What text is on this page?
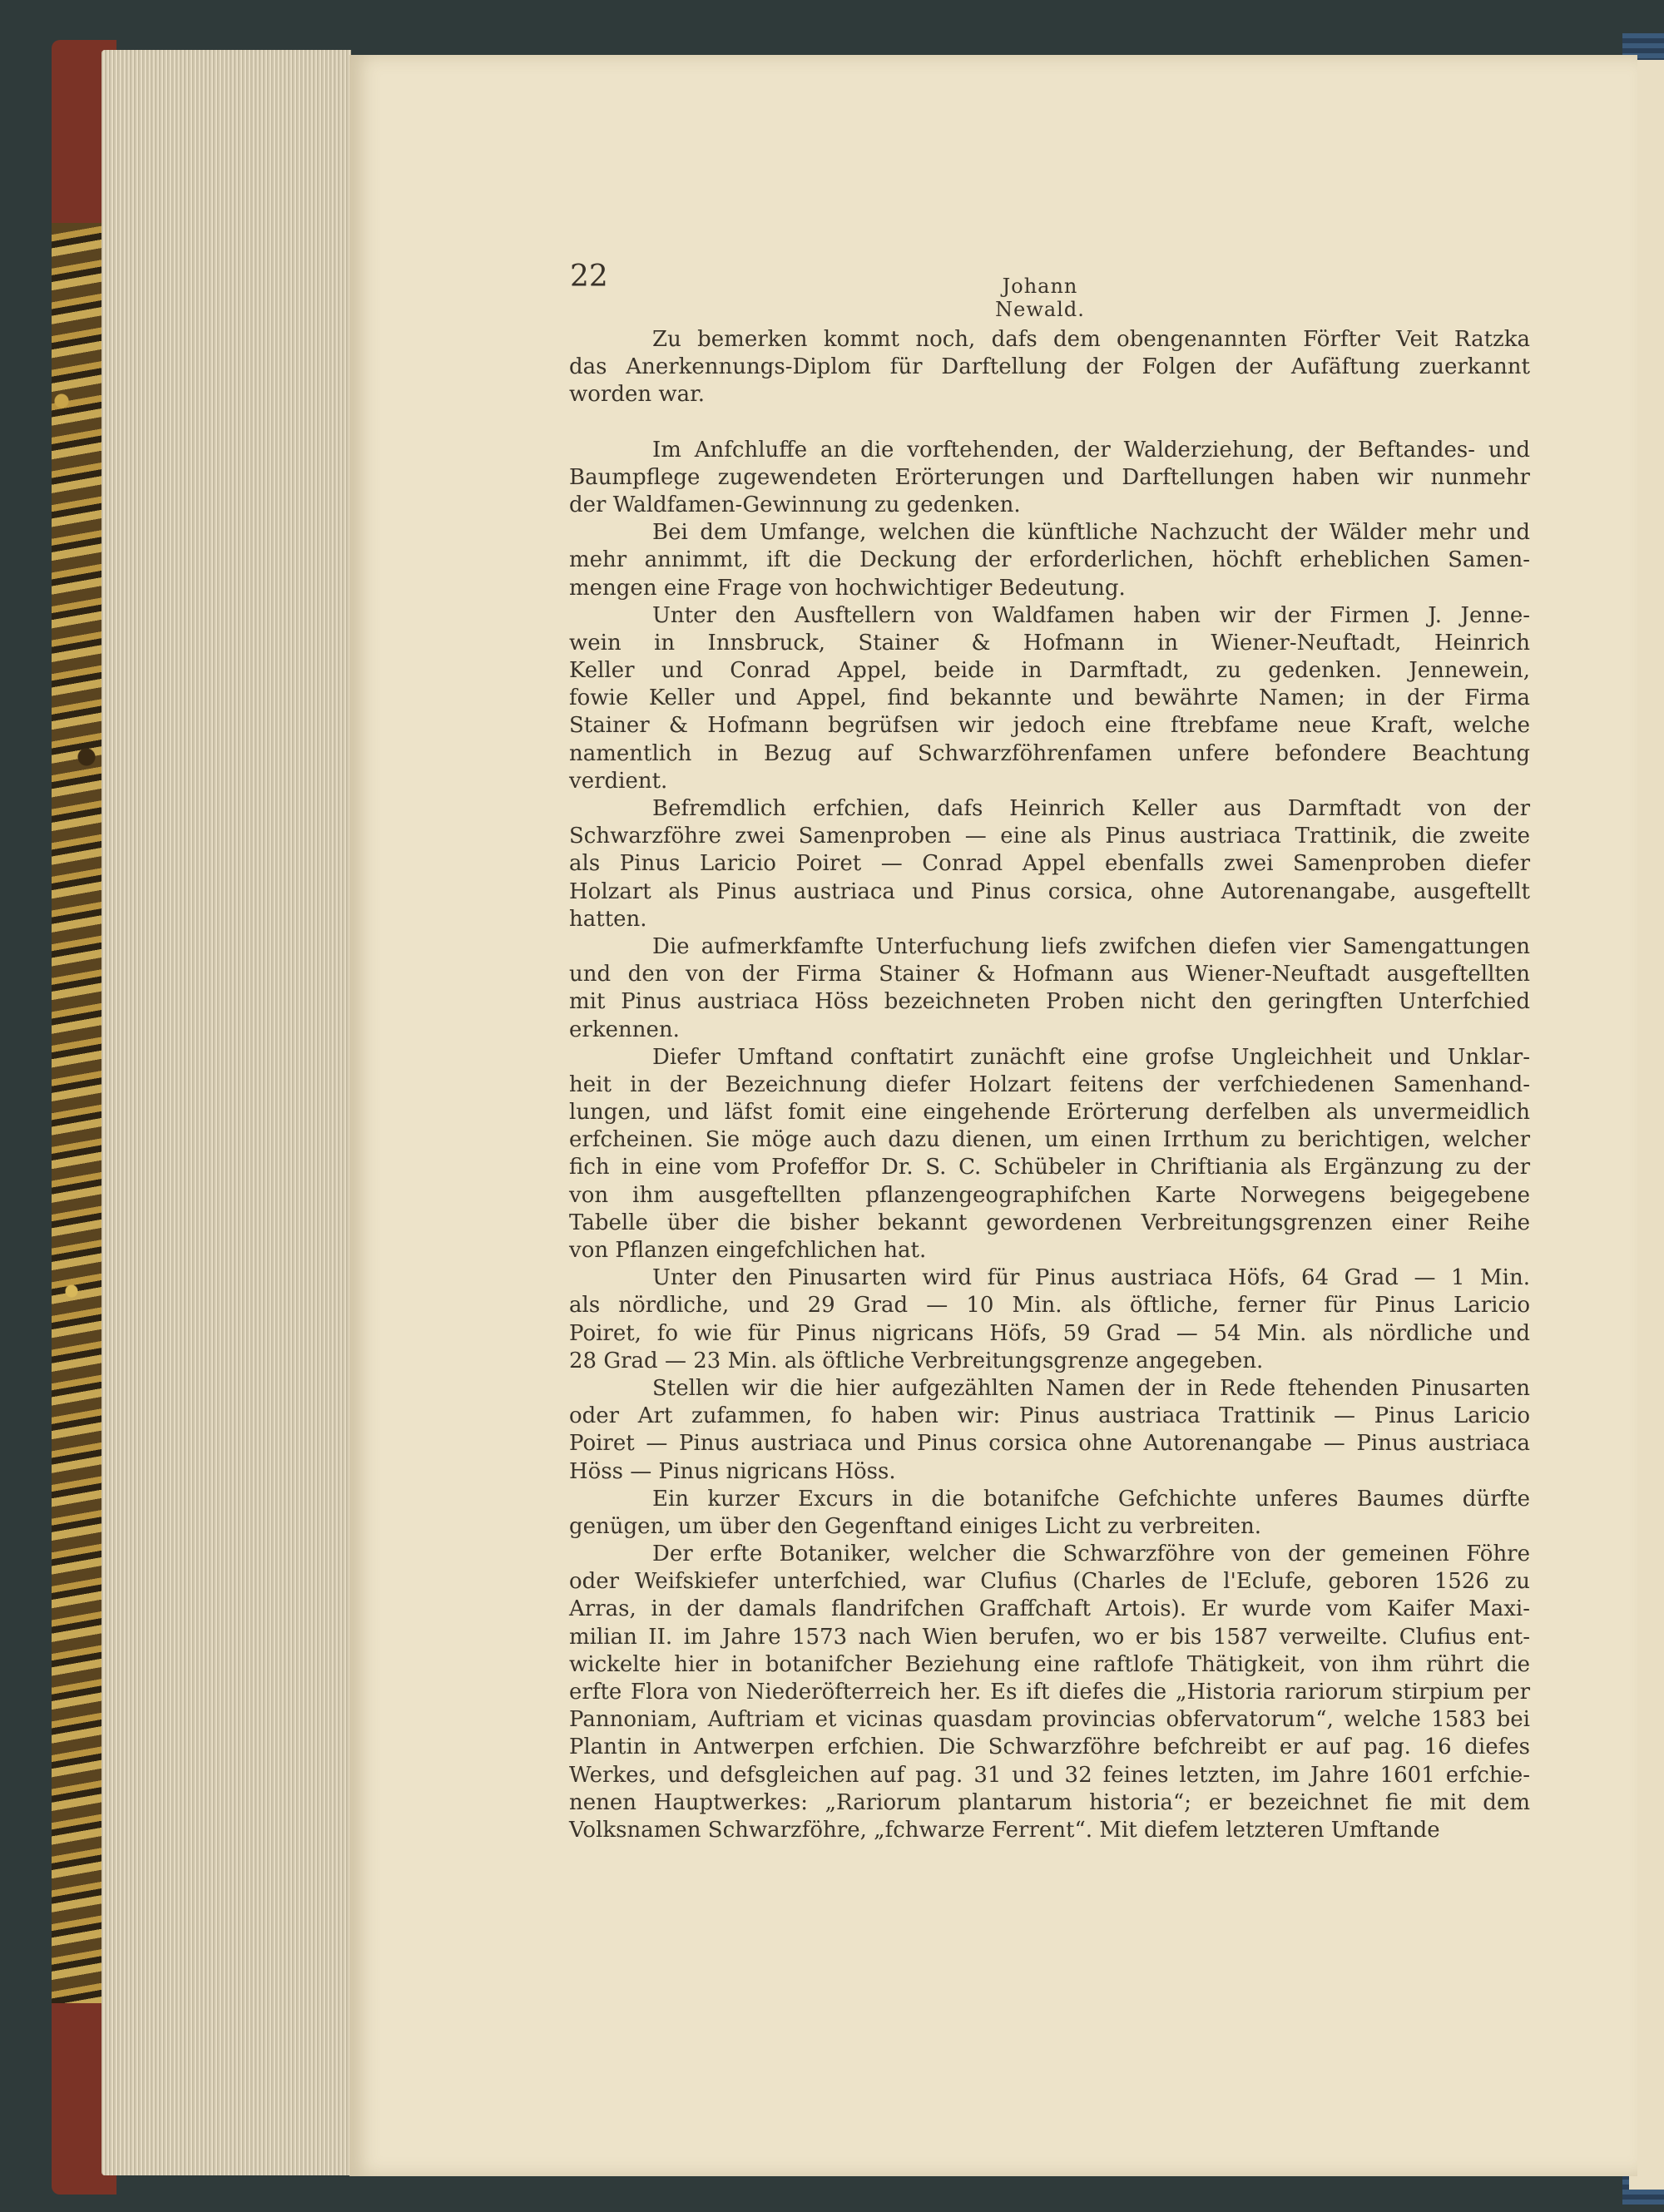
22	Johann Newald.
Zu bemerken kommt noch, dafs dem obengenannten Förfter Veit Ratzka
das Anerkennungs-Diplom für Darftellung der Folgen der Aufäftung zuerkannt
worden war.
Im Anfchluffe an die vorftehenden, der Walderziehung, der Beftandes- und
Baumpflege zugewendeten Erörterungen und Darftellungen haben wir nunmehr
der Waldfamen-Gewinnung zu gedenken.
Bei dem Umfange, welchen die künftliche Nachzucht der Wälder mehr und
mehr annimmt, ift die Deckung der erforderlichen, höchft erheblichen Samen-
mengen eine Frage von hochwichtiger Bedeutung.
Unter den Ausftellern von Waldfamen haben wir der Firmen J. Jenne-
wein in Innsbruck, Stainer & Hofmann in Wiener-Neuftadt, Heinrich
Keller und Conrad Appel, beide in Darmftadt, zu gedenken. Jennewein,
fowie Keller und Appel, find bekannte und bewährte Namen; in der Firma
Stainer & Hofmann begrüfsen wir jedoch eine ftrebfame neue Kraft, welche
namentlich in Bezug auf Schwarzföhrenfamen unfere befondere Beachtung
verdient.
Befremdlich erfchien, dafs Heinrich Keller aus Darmftadt von der
Schwarzföhre zwei Samenproben — eine als Pinus austriaca Trattinik, die zweite
als Pinus Laricio Poiret — Conrad Appel ebenfalls zwei Samenproben diefer
Holzart als Pinus austriaca und Pinus corsica, ohne Autorenangabe, ausgeftellt
hatten.
Die aufmerkfamfte Unterfuchung liefs zwifchen diefen vier Samengattungen
und den von der Firma Stainer & Hofmann aus Wiener-Neuftadt ausgeftellten
mit Pinus austriaca Höss bezeichneten Proben nicht den geringften Unterfchied
erkennen.
Diefer Umftand conftatirt zunächft eine grofse Ungleichheit und Unklar-
heit in der Bezeichnung diefer Holzart feitens der verfchiedenen Samenhand-
lungen, und läfst fomit eine eingehende Erörterung derfelben als unvermeidlich
erfcheinen. Sie möge auch dazu dienen, um einen Irrthum zu berichtigen, welcher
fich in eine vom Profeffor Dr. S. C. Schübeler in Chriftiania als Ergänzung zu der
von ihm ausgeftellten pflanzengeographifchen Karte Norwegens beigegebene
Tabelle über die bisher bekannt gewordenen Verbreitungsgrenzen einer Reihe
von Pflanzen eingefchlichen hat.
Unter den Pinusarten wird für Pinus austriaca Höfs, 64 Grad — 1 Min.
als nördliche, und 29 Grad — 10 Min. als öftliche, ferner für Pinus Laricio
Poiret, fo wie für Pinus nigricans Höfs, 59 Grad — 54 Min. als nördliche und
28 Grad — 23 Min. als öftliche Verbreitungsgrenze angegeben.
Stellen wir die hier aufgezählten Namen der in Rede ftehenden Pinusarten
oder Art zufammen, fo haben wir: Pinus austriaca Trattinik — Pinus Laricio
Poiret — Pinus austriaca und Pinus corsica ohne Autorenangabe — Pinus austriaca
Höss — Pinus nigricans Höss.
Ein kurzer Excurs in die botanifche Gefchichte unferes Baumes dürfte
genügen, um über den Gegenftand einiges Licht zu verbreiten.
Der erfte Botaniker, welcher die Schwarzföhre von der gemeinen Föhre
oder Weifskiefer unterfchied, war Clufius (Charles de l'Eclufe, geboren 1526 zu
Arras, in der damals flandrifchen Graffchaft Artois). Er wurde vom Kaifer Maxi-
milian II. im Jahre 1573 nach Wien berufen, wo er bis 1587 verweilte. Clufius ent-
wickelte hier in botanifcher Beziehung eine raftlofe Thätigkeit, von ihm rührt die
erfte Flora von Niederöfterreich her. Es ift diefes die „Historia rariorum stirpium per
Pannoniam, Auftriam et vicinas quasdam provincias obfervatorum“, welche 1583 bei
Plantin in Antwerpen erfchien. Die Schwarzföhre befchreibt er auf pag. 16 diefes
Werkes, und defsgleichen auf pag. 31 und 32 feines letzten, im Jahre 1601 erfchie-
nenen Hauptwerkes: „Rariorum plantarum historia“; er bezeichnet fie mit dem
Volksnamen Schwarzföhre, „fchwarze Ferrent“. Mit diefem letzteren Umftande
